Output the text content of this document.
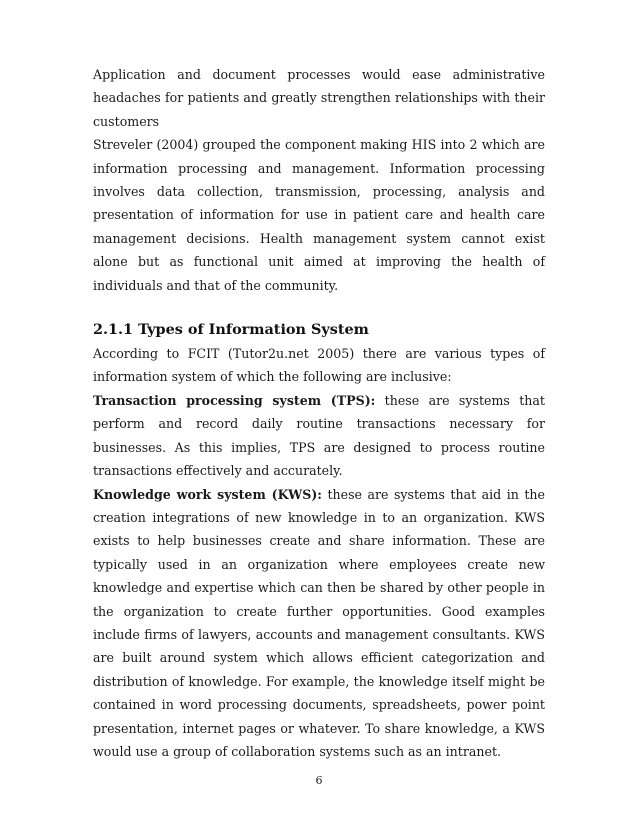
Application and document processes would ease administrative headaches for patients and greatly strengthen relationships with their customers

Streveler (2004) grouped the component making HIS into 2 which are information processing and management. Information processing involves data collection, transmission, processing, analysis and presentation of information for use in patient care and health care management decisions. Health management system cannot exist alone but as functional unit aimed at improving the health of individuals and that of the community.

2.1.1 Types of Information System

According to FCIT (Tutor2u.net 2005) there are various types of information system of which the following are inclusive:

Transaction processing system (TPS): these are systems that perform and record daily routine transactions necessary for businesses. As this implies, TPS are designed to process routine transactions effectively and accurately.

Knowledge work system (KWS): these are systems that aid in the creation integrations of new knowledge in to an organization. KWS exists to help businesses create and share information. These are typically used in an organization where employees create new knowledge and expertise which can then be shared by other people in the organization to create further opportunities. Good examples include firms of lawyers, accounts and management consultants. KWS are built around system which allows efficient categorization and distribution of knowledge. For example, the knowledge itself might be contained in word processing documents, spreadsheets, power point presentation, internet pages or whatever. To share knowledge, a KWS would use a group of collaboration systems such as an intranet.

6
